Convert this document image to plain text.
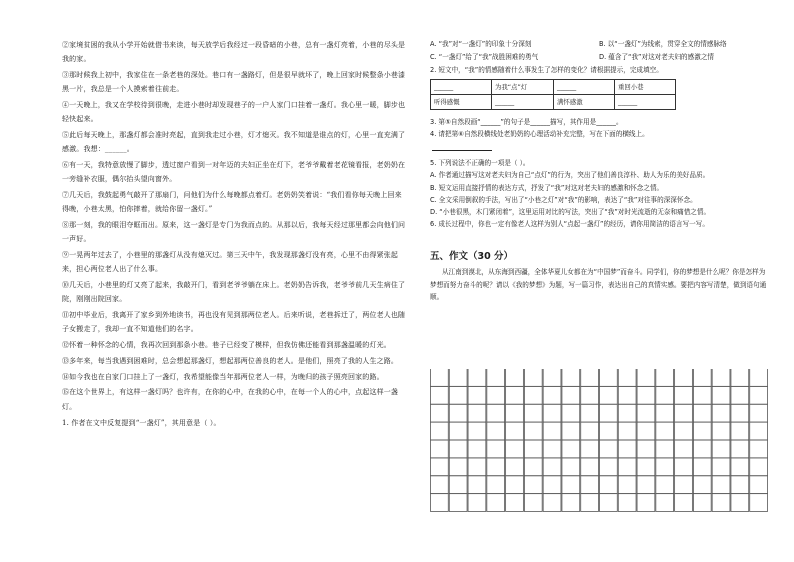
②家境贫困的我从小学开始就借书来读，每天放学后我经过一段昏暗的小巷，总有一盏灯亮着，小巷的尽头是我的家。

③那时候我上初中，我家住在一条老巷的深处。巷口有一盏路灯，但是很早就坏了，晚上回家时候整条小巷漆黑一片，我总是一个人摸索着往前走。

④一天晚上，我又在学校待到很晚，走进小巷时却发现巷子的一户人家门口挂着一盏灯。我心里一暖，脚步也轻快起来。

⑤此后每天晚上，那盏灯都会准时亮起，直到我走过小巷，灯才熄灭。我不知道是谁点的灯，心里一直充满了感激。我想：______。

⑥有一天，我特意放慢了脚步，透过窗户看到一对年迈的夫妇正坐在灯下，老爷爷戴着老花镜看报，老奶奶在一旁缝补衣服，偶尔抬头望向窗外。

⑦几天后，我鼓起勇气敲开了那扇门，问他们为什么每晚都点着灯。老奶奶笑着说：“我们看你每天晚上回来得晚，小巷太黑，怕你摔着，就给你留一盏灯。”

⑧那一刻，我的眼泪夺眶而出。原来，这一盏灯是专门为我而点的。从那以后，我每天经过那里都会向他们问一声好。

⑨一晃两年过去了，小巷里的那盏灯从没有熄灭过。第三天中午，我发现那盏灯没有亮，心里不由得紧张起来，担心两位老人出了什么事。

⑩几天后，小巷里的灯又亮了起来，我敲开门，看到老爷爷躺在床上。老奶奶告诉我，老爷爷前几天生病住了院，刚刚出院回家。

⑪初中毕业后，我离开了家乡到外地读书，再也没有见到那两位老人。后来听说，老巷拆迁了，两位老人也随子女搬走了，我却一直不知道他们的名字。

⑫怀着一种怀念的心情，我再次回到那条小巷。巷子已经变了模样，但我仿佛还能看到那盏温暖的灯光。

⑬多年来，每当我遇到困难时，总会想起那盏灯，想起那两位善良的老人。是他们，照亮了我的人生之路。

⑭如今我也在自家门口挂上了一盏灯，我希望能像当年那两位老人一样，为晚归的孩子照亮回家的路。

⑮在这个世界上，有这样一盏灯吗？也许有，在你的心中，在我的心中，在每一个人的心中，点起这样一盏灯。

1. 作者在文中反复提到“一盏灯”，其用意是（ ）。

A. “我”对“一盏灯”的印象十分深刻	B. 以“一盏灯”为线索，贯穿全文的情感脉络
C. “一盏灯”给了“我”战胜困难的勇气	D. 蕴含了“我”对这对老夫妇的感激之情

2. 短文中，“我”的情感随着什么事发生了怎样的变化？请根据提示，完成填空。

______	为我“点”灯	______	重回小巷
听得感慨	______	满怀感激	______

3. 第⑤自然段画“______”的句子是______描写，其作用是______。

4. 请把第⑥自然段横线处老奶奶的心理活动补充完整，写在下面的横线上。

5. 下列说法不正确的一项是（ ）。

A. 作者通过描写这对老夫妇为自己“点灯”的行为，突出了他们善良淳朴、助人为乐的美好品质。

B. 短文运用直接抒情的表达方式，抒发了“我”对这对老夫妇的感激和怀念之情。

C. 全文采用倒叙的手法，写出了“小巷之灯”对“我”的影响，表达了“我”对往事的深深怀念。

D. “小巷很黑，木门紧闭着”，这里运用对比的写法，突出了“我”对时光流逝的无奈和痛惜之情。

6. 成长过程中，你也一定有像老人这样为别人“点起一盏灯”的经历，请你用简洁的语言写一写。

五、作文（30 分）

从江南到漠北，从东海到西疆，全体华夏儿女都在为“中国梦”而奋斗。同学们，你的梦想是什么呢？你是怎样为梦想而努力奋斗的呢？请以《我的梦想》为题，写一篇习作，表达出自己的真情实感。要把内容写清楚，做到语句通顺。
